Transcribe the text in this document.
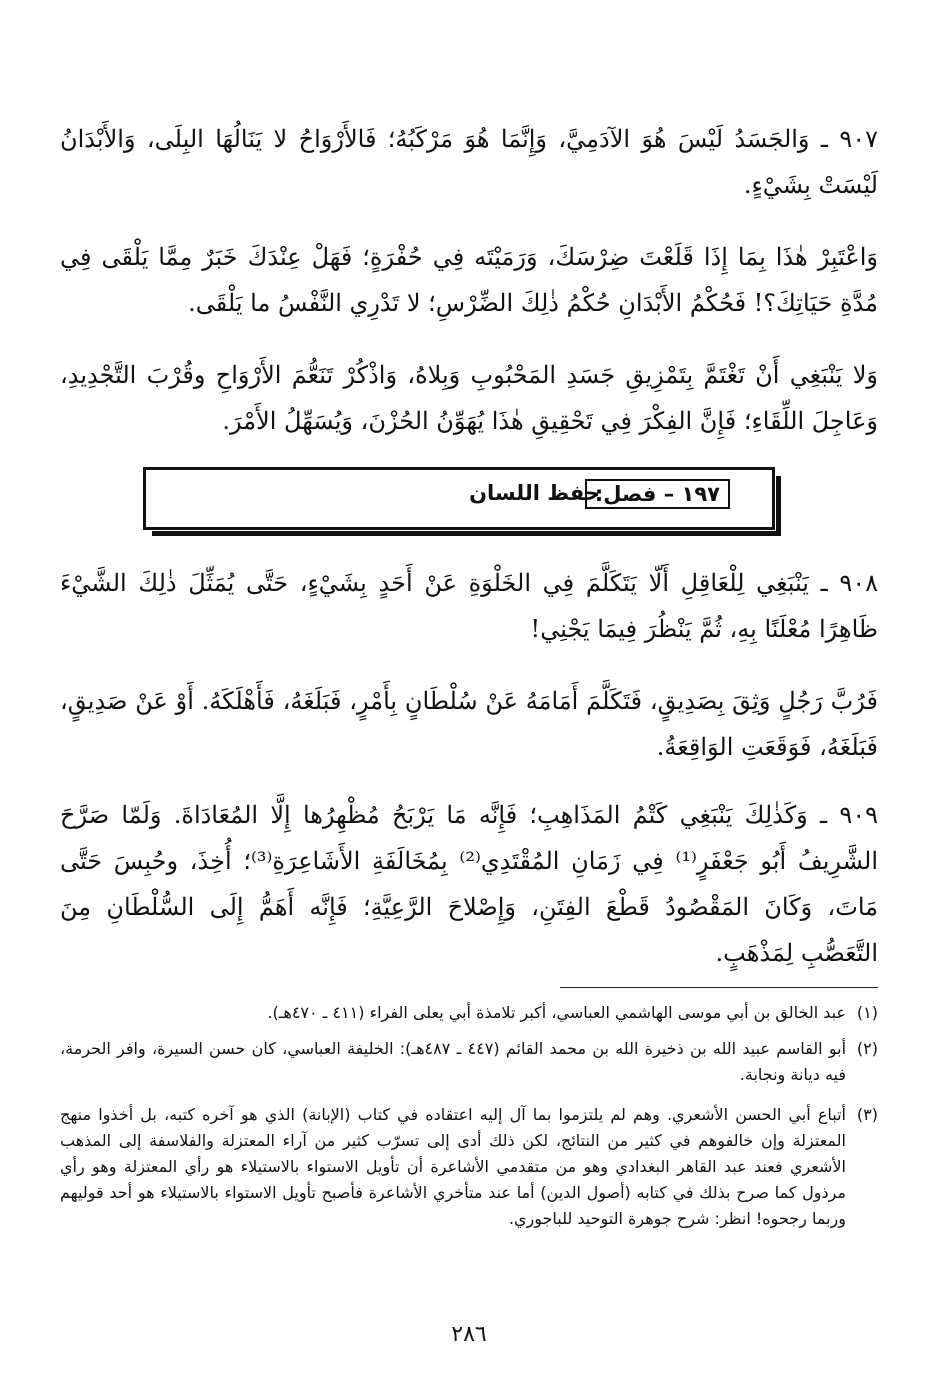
٩٠٧ ـ وَالجَسَدُ لَيْسَ هُوَ الآدَمِيَّ، وَإِنَّمَا هُوَ مَرْكَبُهُ؛ فَالأَرْوَاحُ لا يَنَالُهَا البِلَى، وَالأَبْدَانُ لَيْسَتْ بِشَيْءٍ.

وَاعْتَبِرْ هٰذَا بِمَا إِذَا قَلَعْتَ ضِرْسَكَ، وَرَمَيْتَه فِي حُفْرَةٍ؛ فَهَلْ عِنْدَكَ خَبَرٌ مِمَّا يَلْقَى فِي مُدَّةِ حَيَاتِكَ؟! فَحُكْمُ الأَبْدَانِ حُكْمُ ذٰلِكَ الضِّرْسِ؛ لا تَدْرِي النَّفْسُ ما يَلْقَى.

وَلا يَنْبَغِي أَنْ تَغْتَمَّ بِتَمْزِيقِ جَسَدِ المَحْبُوبِ وَبِلاهُ، وَاذْكُرْ تَنَعُّمَ الأَرْوَاحِ وقُرْبَ التَّجْدِيدِ، وَعَاجِلَ اللِّقَاءِ؛ فَإِنَّ الفِكْرَ فِي تَحْقِيقِ هٰذَا يُهَوِّنُ الحُزْنَ، وَيُسَهِّلُ الأَمْرَ.

١٩٧ – فصل:
حفظ اللسان

٩٠٨ ـ يَنْبَغِي لِلْعَاقِلِ أَلّا يَتَكَلَّمَ فِي الخَلْوَةِ عَنْ أَحَدٍ بِشَيْءٍ، حَتَّى يُمَثِّلَ ذٰلِكَ الشَّيْءَ ظَاهِرًا مُعْلَنًا بِهِ، ثُمَّ يَنْظُرَ فِيمَا يَجْنِي!

فَرُبَّ رَجُلٍ وَثِقَ بِصَدِيقٍ، فَتَكَلَّمَ أَمَامَهُ عَنْ سُلْطَانٍ بِأَمْرٍ، فَبَلَغَهُ، فَأَهْلَكَهُ. أَوْ عَنْ صَدِيقٍ، فَبَلَغَهُ، فَوَقَعَتِ الوَاقِعَةُ.

٩٠٩ ـ وَكَذٰلِكَ يَنْبَغِي كَتْمُ المَذَاهِبِ؛ فَإِنَّه مَا يَرْبَحُ مُظْهِرُها إِلَّا المُعَادَاةَ. وَلَمّا صَرَّحَ الشَّرِيفُ أَبُو جَعْفَرٍ⁽¹⁾ فِي زَمَانِ المُقْتَدِي⁽²⁾ بِمُخَالَفَةِ الأَشَاعِرَةِ⁽³⁾؛ أُخِذَ، وحُبِسَ حَتَّى مَاتَ، وَكَانَ المَقْصُودُ قَطْعَ الفِتَنِ، وَإِصْلاحَ الرَّعِيَّةِ؛ فَإِنَّه أَهَمُّ إِلَى السُّلْطَانِ مِنَ التَّعَصُّبِ لِمَذْهَبٍ.

(١)عبد الخالق بن أبي موسى الهاشمي العباسي، أكبر تلامذة أبي يعلى الفراء (٤١١ ـ ٤٧٠هـ).
(٢)
أبو القاسم عبيد الله بن ذخيرة الله بن محمد القائم (٤٤٧ ـ ٤٨٧هـ): الخليفة العباسي، كان حسن السيرة، وافر الحرمة، فيه ديانة ونجابة.
(٣)
أتباع أبي الحسن الأشعري. وهم لم يلتزموا بما آل إليه اعتقاده في كتاب (الإبانة) الذي هو آخره كتبه، بل أخذوا منهج المعتزلة وإن خالفوهم في كثير من النتائج، لكن ذلك أدى إلى تسرّب كثير من آراء المعتزلة والفلاسفة إلى المذهب الأشعري فعند عبد القاهر البغدادي وهو من متقدمي الأشاعرة أن تأويل الاستواء بالاستيلاء هو رأي المعتزلة وهو رأي مرذول كما صرح بذلك في كتابه (أصول الدين) أما عند متأخري الأشاعرة فأصبح تأويل الاستواء بالاستيلاء هو أحد قوليهم وربما رجحوه! انظر: شرح جوهرة التوحيد للباجوري.
٢٨٦
